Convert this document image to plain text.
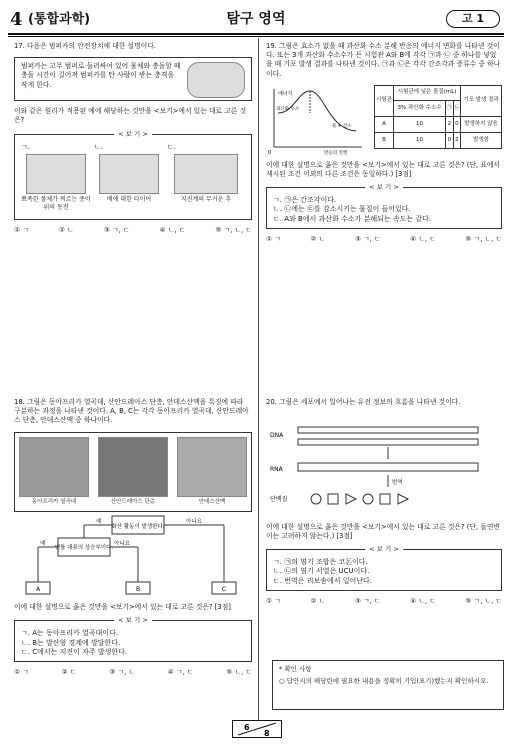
4 (통합과학)	탐구 영역	고 1
17. 다음은 범퍼카의 안전장치에 대한 설명이다.
범퍼카는 고무 범퍼로 둘러싸여 있어 물체와 충돌할 때 충돌 시간이 길어져 범퍼카를 탄 사람이 받는 충격을 작게 한다.
이와 같은 원리가 적용된 예에 해당하는 것만을 <보기>에서 있는 대로 고른 것은?
< 보 기 >
ㄱ.
뾰족한 물체가 찌르는 종이 위의 동전
ㄴ.
배에 대한 타이어
ㄷ.
지진계의 무거운 추
① ㄱ	② ㄴ	③ ㄱ, ㄷ	④ ㄴ, ㄷ	⑤ ㄱ, ㄴ, ㄷ
18. 그림은 동아프리카 열곡대, 산안드레아스 단층, 안데스산맥을 특징에 따라 구분하는 과정을 나타낸 것이다. A, B, C는 각각 동아프리카 열곡대, 산안드레아스 단층, 안데스산맥 중 하나이다.
동아프리카 열곡대	산안드레아스 단층	안데스산맥
화산 활동이 발생한다.
예	아니요
맨틀 대류의 상승부이다.
예	아니요
A	B	C
이에 대한 설명으로 옳은 것만을 <보기>에서 있는 대로 고른 것은? [3점]
< 보 기 >
ㄱ. A는 동아프리카 열곡대이다.
ㄴ. B는 발산형 경계에 발달한다.
ㄷ. C에서는 지진이 자주 발생한다.
① ㄱ	② ㄷ	③ ㄱ, ㄴ	④ ㄱ, ㄷ	⑤ ㄴ, ㄷ
19. 그림은 효소가 없을 때 과산화 수소 분해 반응의 에너지 변화를 나타낸 것이다. 또는 3개 과산화 수소수가 든 시험관 A와 B에 각각 ㉠과 ㉡ 중 하나를 넣었을 때 기포 발생 결과를 나타낸 것이다. ㉠과 ㉡은 각각 간조각과 증류수 중 하나이다.
에너지
과산화 수소
물 + 산소
반응의 진행
0
시험관	시험관에 넣은 물질(mL)			기포 발생 결과
	3% 과산화 수소수	㉠	㉡	
A	10	2	0	발생하지 않음
B	10	0	2	발생함
이에 대한 설명으로 옳은 것만을 <보기>에서 있는 대로 고른 것은? (단, 표에서 제시된 조건 이외의 다른 조건은 동일하다.) [3점]
< 보 기 >
ㄱ. ㉠은 간조각이다.
ㄴ. ㉡에는 ㉢를 감소시키는 물질이 들어있다.
ㄷ. A와 B에서 과산화 수소가 분해되는 속도는 같다.
① ㄱ	② ㄴ	③ ㄱ, ㄷ	④ ㄴ, ㄷ	⑤ ㄱ, ㄴ, ㄷ
20. 그림은 세포에서 일어나는 유전 정보의 흐름을 나타낸 것이다.
DNA
RNA
번역
단백질
이에 대한 설명으로 옳은 것만을 <보기>에서 있는 대로 고른 것은? (단, 돌연변이는 고려하지 않는다.) [3점]
< 보 기 >
ㄱ. ㉠의 염기 조합은 코돈이다.
ㄴ. ㉡의 염기 서열은 UCU이다.
ㄷ. 번역은 리보솜에서 일어난다.
① ㄱ	② ㄴ	③ ㄱ, ㄷ	④ ㄴ, ㄷ	⑤ ㄱ, ㄴ, ㄷ
* 확인 사항
○ 답안지의 해당란에 필요한 내용을 정확히 기입(표기)했는지 확인하시오.
6
8
